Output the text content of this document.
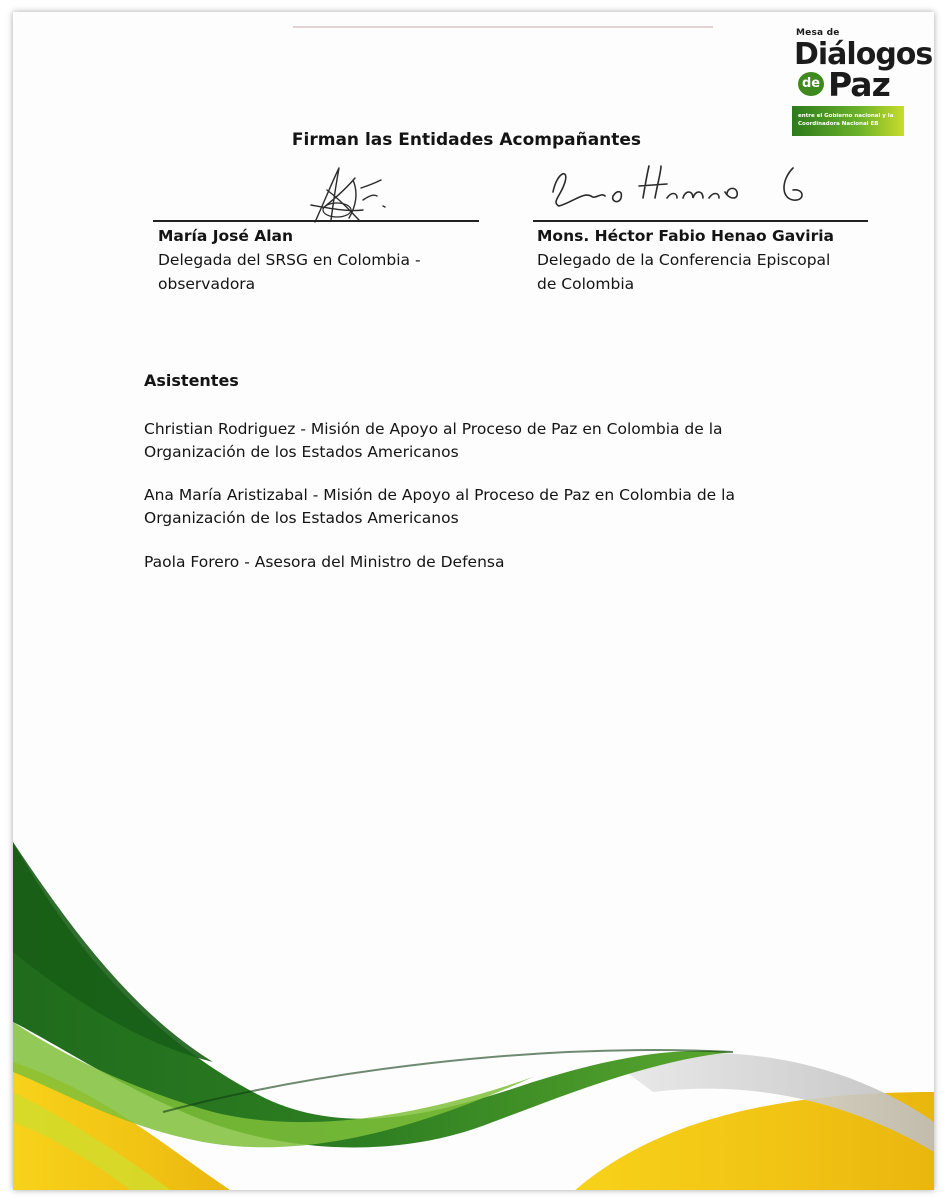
Mesa de
Diálogos
de Paz
entre el Gobierno nacional y la Coordinadora Nacional EB
Firman las Entidades Acompañantes
María José Alan
Delegada del SRSG en Colombia -
observadora
Mons. Héctor Fabio Henao Gaviria
Delegado de la Conferencia Episcopal
de Colombia
Asistentes
Christian Rodriguez - Misión de Apoyo al Proceso de Paz en Colombia de la
Organización de los Estados Americanos
Ana María Aristizabal - Misión de Apoyo al Proceso de Paz en Colombia de la
Organización de los Estados Americanos
Paola Forero - Asesora del Ministro de Defensa
